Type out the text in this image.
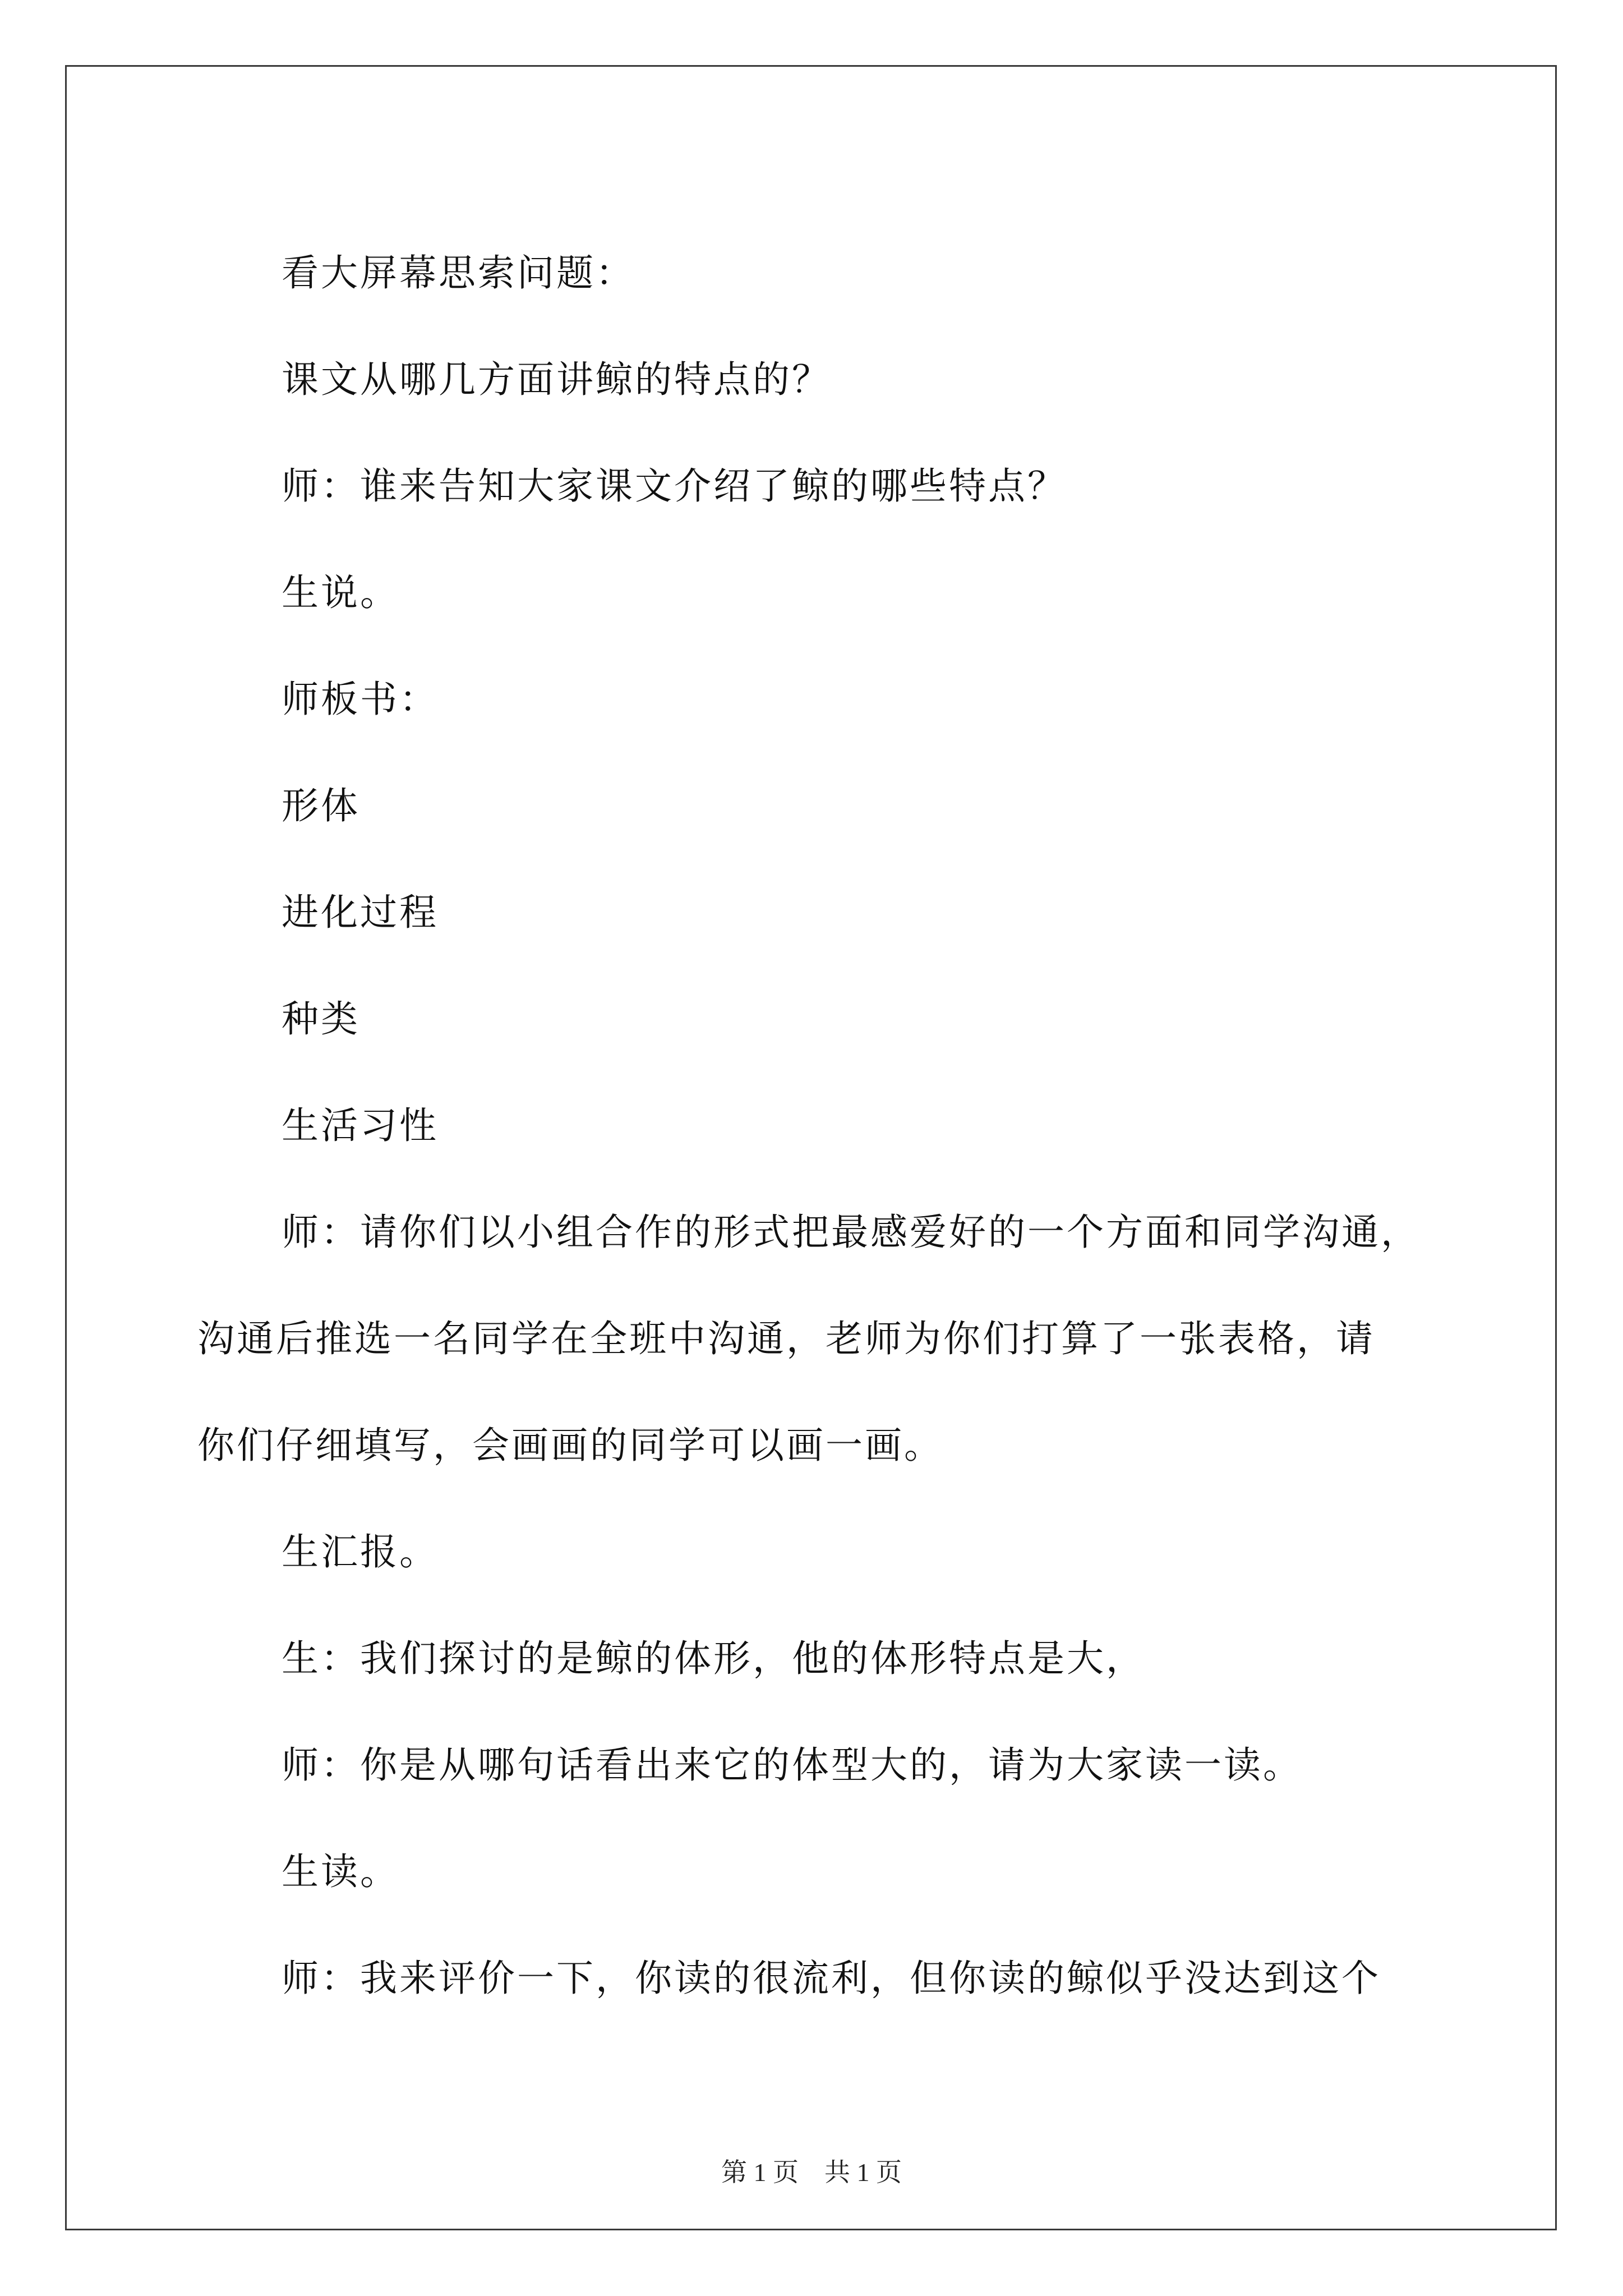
看大屏幕思索问题：

课文从哪几方面讲鲸的特点的？

师：谁来告知大家课文介绍了鲸的哪些特点？

生说。

师板书：

形体

进化过程

种类

生活习性

师：请你们以小组合作的形式把最感爱好的一个方面和同学沟通，

沟通后推选一名同学在全班中沟通，老师为你们打算了一张表格，请

你们仔细填写，会画画的同学可以画一画。

生汇报。

生：我们探讨的是鲸的体形，他的体形特点是大，

师：你是从哪句话看出来它的体型大的，请为大家读一读。

生读。

师：我来评价一下，你读的很流利，但你读的鲸似乎没达到这个

第 1 页 共 1 页
